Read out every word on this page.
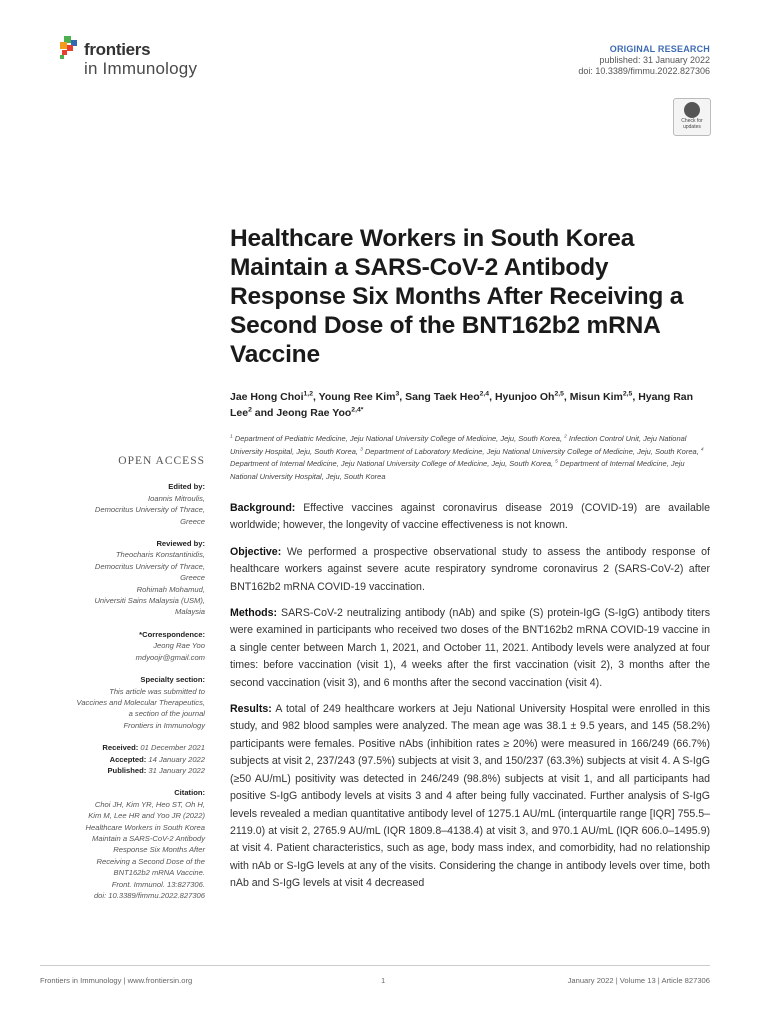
frontiers
in Immunology
ORIGINAL RESEARCH
published: 31 January 2022
doi: 10.3389/fimmu.2022.827306
Check for updates
Healthcare Workers in South Korea Maintain a SARS-CoV-2 Antibody Response Six Months After Receiving a Second Dose of the BNT162b2 mRNA Vaccine
Jae Hong Choi$^{1,2}$, Young Ree Kim$^3$, Sang Taek Heo$^{2,4}$, Hyunjoo Oh$^{2,5}$, Misun Kim$^{2,5}$, Hyang Ran Lee$^2$ and Jeong Rae Yoo$^{2,4*}$
$^1$ Department of Pediatric Medicine, Jeju National University College of Medicine, Jeju, South Korea, $^2$ Infection Control Unit, Jeju National University Hospital, Jeju, South Korea, $^3$ Department of Laboratory Medicine, Jeju National University College of Medicine, Jeju, South Korea, $^4$ Department of Internal Medicine, Jeju National University College of Medicine, Jeju, South Korea, $^5$ Department of Internal Medicine, Jeju National University Hospital, Jeju, South Korea
OPEN ACCESS
Edited by:
Ioannis Mitroulis,
Democritus University of Thrace,
Greece
Reviewed by:
Theocharis Konstantinidis,
Democritus University of Thrace,
Greece
Rohimah Mohamud,
Universiti Sains Malaysia (USM),
Malaysia
*Correspondence:
Jeong Rae Yoo
mdyoojr@gmail.com
Specialty section:
This article was submitted to
Vaccines and Molecular Therapeutics,
a section of the journal
Frontiers in Immunology
Received: 01 December 2021
Accepted: 14 January 2022
Published: 31 January 2022
Citation:
Choi JH, Kim YR, Heo ST, Oh H,
Kim M, Lee HR and Yoo JR (2022)
Healthcare Workers in South Korea
Maintain a SARS-CoV-2 Antibody
Response Six Months After
Receiving a Second Dose of the
BNT162b2 mRNA Vaccine.
Front. Immunol. 13:827306.
doi: 10.3389/fimmu.2022.827306

Background: Effective vaccines against coronavirus disease 2019 (COVID-19) are available worldwide; however, the longevity of vaccine effectiveness is not known.

Objective: We performed a prospective observational study to assess the antibody response of healthcare workers against severe acute respiratory syndrome coronavirus 2 (SARS-CoV-2) after BNT162b2 mRNA COVID-19 vaccination.

Methods: SARS-CoV-2 neutralizing antibody (nAb) and spike (S) protein-IgG (S-IgG) antibody titers were examined in participants who received two doses of the BNT162b2 mRNA COVID-19 vaccine in a single center between March 1, 2021, and October 11, 2021. Antibody levels were analyzed at four times: before vaccination (visit 1), 4 weeks after the first vaccination (visit 2), 3 months after the second vaccination (visit 3), and 6 months after the second vaccination (visit 4).

Results: A total of 249 healthcare workers at Jeju National University Hospital were enrolled in this study, and 982 blood samples were analyzed. The mean age was 38.1 ± 9.5 years, and 145 (58.2%) participants were females. Positive nAbs (inhibition rates ≥ 20%) were measured in 166/249 (66.7%) subjects at visit 2, 237/243 (97.5%) subjects at visit 3, and 150/237 (63.3%) subjects at visit 4. A S-IgG (≥50 AU/mL) positivity was detected in 246/249 (98.8%) subjects at visit 1, and all participants had positive S-IgG antibody levels at visits 3 and 4 after being fully vaccinated. Further analysis of S-IgG levels revealed a median quantitative antibody level of 1275.1 AU/mL (interquartile range [IQR] 755.5–2119.0) at visit 2, 2765.9 AU/mL (IQR 1809.8–4138.4) at visit 3, and 970.1 AU/mL (IQR 606.0–1495.9) at visit 4. Patient characteristics, such as age, body mass index, and comorbidity, had no relationship with nAb or S-IgG levels at any of the visits. Considering the change in antibody levels over time, both nAb and S-IgG levels at visit 4 decreased

Frontiers in Immunology | www.frontiersin.org	1	January 2022 | Volume 13 | Article 827306
